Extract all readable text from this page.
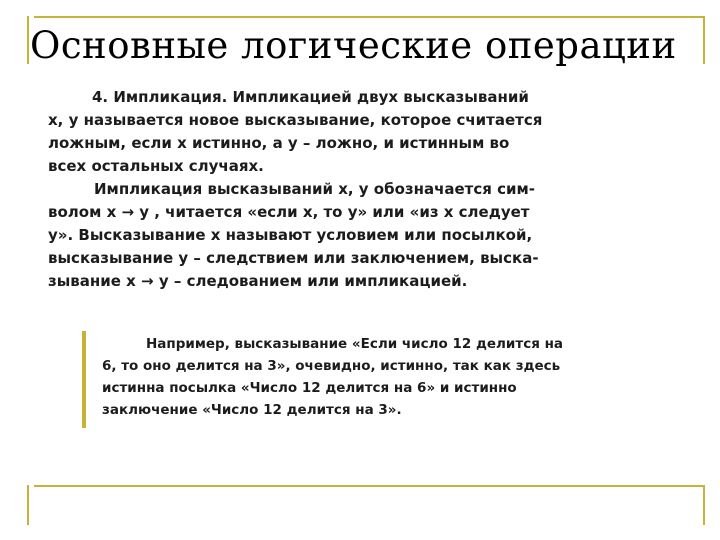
Основные логические операции
4. Импликация. Импликацией двух высказываний
x, y называется новое высказывание, которое считается
ложным, если x истинно, а y – ложно, и истинным во
всех остальных случаях.
Импликация высказываний x, y обозначается сим-
волом x → y , читается «если x, то y» или «из x следует
y». Высказывание x называют условием или посылкой,
высказывание y – следствием или заключением, выска-
зывание x → y – следованием или импликацией.
Например, высказывание «Если число 12 делится на
6, то оно делится на 3», очевидно, истинно, так как здесь
истинна посылка «Число 12 делится на 6» и истинно
заключение «Число 12 делится на 3».
